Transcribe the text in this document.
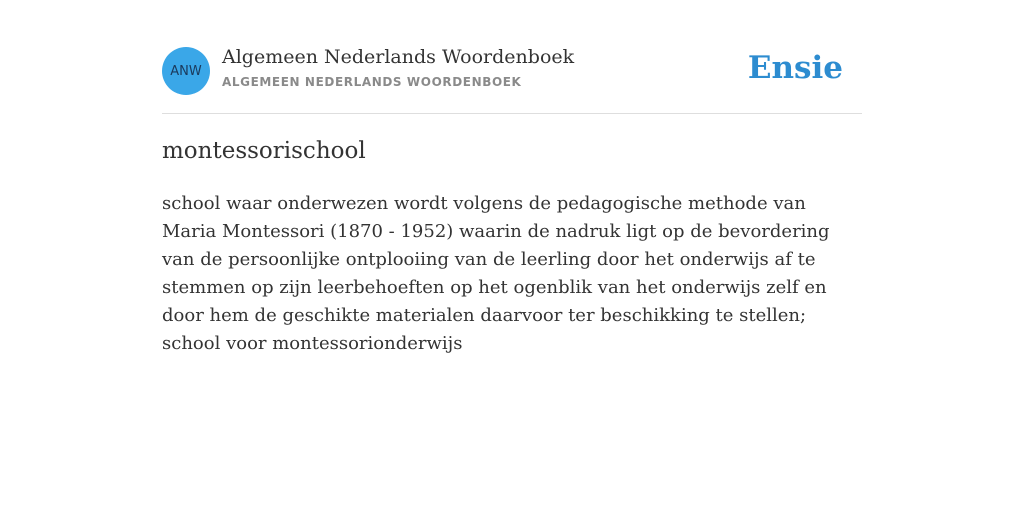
ANW
Algemeen Nederlands Woordenboek
ALGEMEEN NEDERLANDS WOORDENBOEK	Ensie
montessorischool

school waar onderwezen wordt volgens de pedagogische methode van Maria Montessori (1870 - 1952) waarin de nadruk ligt op de bevordering van de persoonlijke ontplooiing van de leerling door het onderwijs af te stemmen op zijn leerbehoeften op het ogenblik van het onderwijs zelf en door hem de geschikte materialen daarvoor ter beschikking te stellen; school voor montessorionderwijs
